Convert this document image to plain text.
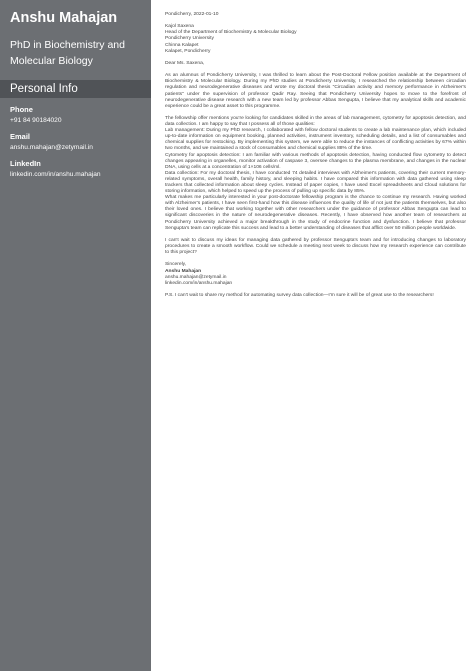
Anshu Mahajan
PhD in Biochemistry and Molecular Biology
Personal Info
Phone
+91 84 90184020
Email
anshu.mahajan@zetymail.in
LinkedIn
linkedin.com/in/anshu.mahajan

Pondicherry, 2022-01-10

Kajol Saxena
Head of the Department of Biochemistry & Molecular Biology
Pondicherry University
Chinna Kalapet
Kalapet, Pondicherry

Dear Ms. Saxena,

As an alumnus of Pondicherry University, I was thrilled to learn about the Post-Doctoral Fellow position available at the Department of Biochemistry & Molecular Biology. During my PhD studies at Pondicherry University, I researched the relationship between circadian regulation and neurodegenerative diseases and wrote my doctoral thesis "Circadian activity and memory performance in Alzheimer's patients" under the supervision of professor Qadir Ray. Seeing that Pondicherry University hopes to move to the forefront of neurodegenerative disease research with a new team led by professor Abbas Sengupta, I believe that my analytical skills and academic experience could be a great asset to this programme.

The fellowship offer mentions you're looking for candidates skilled in the areas of lab management, cytometry for apoptosis detection, and data collection. I am happy to say that I possess all of those qualities:

Lab management: During my PhD research, I collaborated with fellow doctoral students to create a lab maintenance plan, which included up-to-date information on equipment booking, planned activities, instrument inventory, scheduling details, and a list of consumables and chemical supplies for restocking. By implementing this system, we were able to reduce the instances of conflicting activities by 67% within two months, and we maintained a stock of consumables and chemical supplies 88% of the time.

Cytometry for apoptosis detection: I am familiar with various methods of apoptosis detection, having conducted flow cytometry to detect changes appearing in organelles, monitor activation of caspase 3, oversee changes to the plasma membrane, and changes in the nuclear DNA, using cells at a concentration of 1×106 cells/ml.

Data collection: For my doctoral thesis, I have conducted 74 detailed interviews with Alzheimer's patients, covering their current memory-related symptoms, overall health, family history, and sleeping habits. I have compared this information with data gathered using sleep trackers that collected information about sleep cycles. Instead of paper copies, I have used Excel spreadsheets and Cloud solutions for storing information, which helped to speed up the process of pulling up specific data by 85%.

What makes me particularly interested in your post-doctorate fellowship program is the chance to continue my research. Having worked with Alzheimer's patients, I have seen first-hand how this disease influences the quality of life of not just the patients themselves, but also their loved ones. I believe that working together with other researchers under the guidance of professor Abbas Sengupta can lead to significant discoveries in the nature of neurodegenerative diseases. Recently, I have observed how another team of researchers at Pondicherry University achieved a major breakthrough in the study of endocrine function and dysfunction. I believe that professor Sengupta's team can replicate this success and lead to a better understanding of diseases that afflict over 50 million people worldwide.

I can't wait to discuss my ideas for managing data gathered by professor Sengupta's team and for introducing changes to laboratory procedures to create a smooth workflow. Could we schedule a meeting next week to discuss how my research experience can contribute to this project?

Sincerely,
Anshu Mahajan
anshu.mahajan@zetymail.in
linkedin.com/in/anshu.mahajan

P.S. I can't wait to share my method for automating survey data collection—I'm sure it will be of great use to the researchers!
